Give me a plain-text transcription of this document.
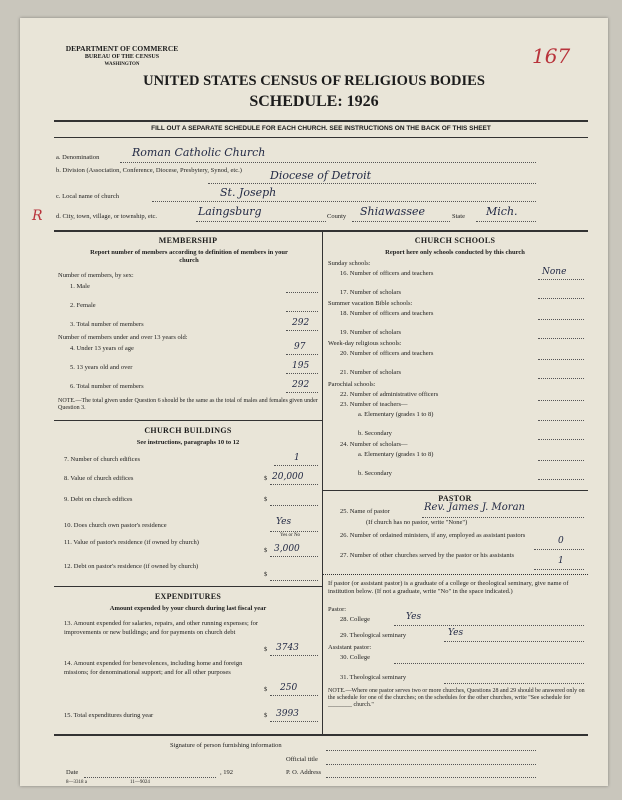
DEPARTMENT OF COMMERCE
BUREAU OF THE CENSUS
WASHINGTON	167
UNITED STATES CENSUS OF RELIGIOUS BODIES
SCHEDULE: 1926
FILL OUT A SEPARATE SCHEDULE FOR EACH CHURCH. SEE INSTRUCTIONS ON THE BACK OF THIS SHEET
a. Denomination	Roman Catholic Church
b. Division (Association, Conference, Diocese, Presbytery, Synod, etc.)	Diocese of Detroit
c. Local name of church	St. Joseph
R d. City, town, village, or township, etc.	Laingsburg	County Shiawassee	State Mich.
MEMBERSHIP
Report number of members according to definition of members in your church
Number of members, by sex:
1. Male
2. Female
3. Total number of members	292
Number of members under and over 13 years old:
4. Under 13 years of age	97
5. 13 years old and over	195
6. Total number of members	292
NOTE.—The total given under Question 6 should be the same as the total of males and females given under Question 3.
CHURCH BUILDINGS
See instructions, paragraphs 10 to 12
7. Number of church edifices	1
8. Value of church edifices	$ 20,000
9. Debt on church edifices	$
10. Does church own pastor's residence	Yes
Yes or No
11. Value of pastor's residence (if owned by church)
$ 3,000
12. Debt on pastor's residence (if owned by church)
$
EXPENDITURES
Amount expended by your church during last fiscal year
13. Amount expended for salaries, repairs, and other running expenses; for improvements or new buildings; and for payments on church debt
$ 3743
14. Amount expended for benevolences, including home and foreign missions; for denominational support; and for all other purposes
$ 250
15. Total expenditures during year	$ 3993
CHURCH SCHOOLS
Report here only schools conducted by this church
Sunday schools:
16. Number of officers and teachers	None
17. Number of scholars
Summer vacation Bible schools:
18. Number of officers and teachers
19. Number of scholars
Week-day religious schools:
20. Number of officers and teachers
21. Number of scholars
Parochial schools:
22. Number of administrative officers
23. Number of teachers—
a. Elementary (grades 1 to 8)
b. Secondary
24. Number of scholars—
a. Elementary (grades 1 to 8)
b. Secondary
PASTOR
25. Name of pastor	Rev. James J. Moran
(If church has no pastor, write "None")
26. Number of ordained ministers, if any, employed as assistant pastors
0
27. Number of other churches served by the pastor or his assistants
1
If pastor (or assistant pastor) is a graduate of a college or theological seminary, give name of institution below. (If not a graduate, write "No" in the space indicated.)
Pastor:
28. College	Yes
29. Theological seminary	Yes
Assistant pastor:
30. College
31. Theological seminary
NOTE.—Where one pastor serves two or more churches, Questions 28 and 29 should be answered only on the schedule for one of the churches; on the schedules for the other churches, write "See schedule for ________ church."
Signature of person furnishing information
Official title
Date	, 192	P. O. Address
8—3318 a	11—9024
